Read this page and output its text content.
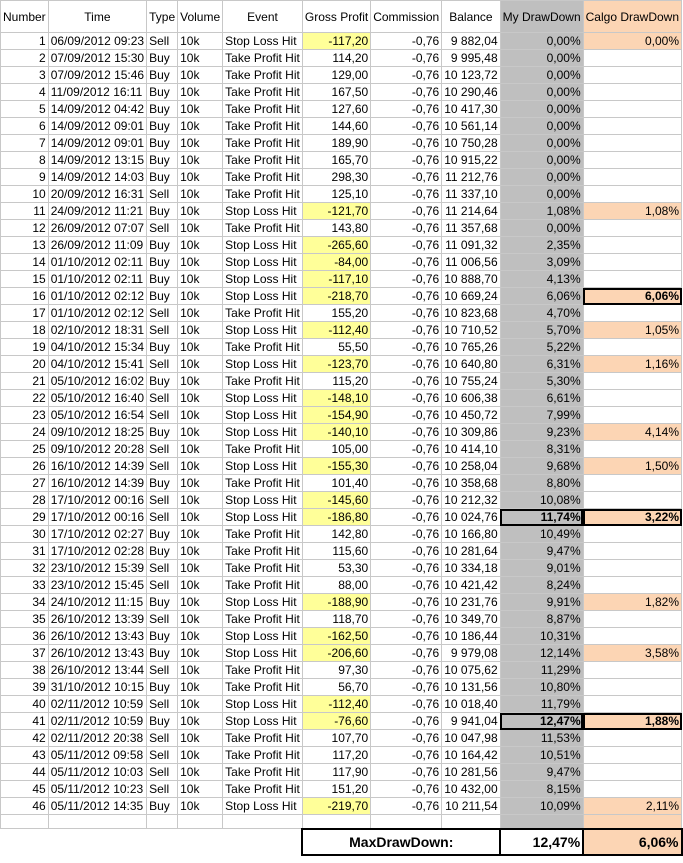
Number	Time	Type	Volume	Event	Gross Profit	Commission	Balance	My DrawDown	Calgo DrawDown
1	06/09/2012 09:23	Sell	10k	Stop Loss Hit	-117,20	-0,76	9 882,04	0,00%	0,00%
2	07/09/2012 15:30	Buy	10k	Take Profit Hit	114,20	-0,76	9 995,48	0,00%	
3	07/09/2012 15:46	Buy	10k	Take Profit Hit	129,00	-0,76	10 123,72	0,00%	
4	11/09/2012 16:11	Buy	10k	Take Profit Hit	167,50	-0,76	10 290,46	0,00%	
5	14/09/2012 04:42	Buy	10k	Take Profit Hit	127,60	-0,76	10 417,30	0,00%	
6	14/09/2012 09:01	Buy	10k	Take Profit Hit	144,60	-0,76	10 561,14	0,00%	
7	14/09/2012 09:01	Buy	10k	Take Profit Hit	189,90	-0,76	10 750,28	0,00%	
8	14/09/2012 13:15	Buy	10k	Take Profit Hit	165,70	-0,76	10 915,22	0,00%	
9	14/09/2012 14:03	Buy	10k	Take Profit Hit	298,30	-0,76	11 212,76	0,00%	
10	20/09/2012 16:31	Sell	10k	Take Profit Hit	125,10	-0,76	11 337,10	0,00%	
11	24/09/2012 11:21	Buy	10k	Stop Loss Hit	-121,70	-0,76	11 214,64	1,08%	1,08%
12	26/09/2012 07:07	Sell	10k	Take Profit Hit	143,80	-0,76	11 357,68	0,00%	
13	26/09/2012 11:09	Buy	10k	Stop Loss Hit	-265,60	-0,76	11 091,32	2,35%	
14	01/10/2012 02:11	Buy	10k	Stop Loss Hit	-84,00	-0,76	11 006,56	3,09%	
15	01/10/2012 02:11	Buy	10k	Stop Loss Hit	-117,10	-0,76	10 888,70	4,13%	
16	01/10/2012 02:12	Buy	10k	Stop Loss Hit	-218,70	-0,76	10 669,24	6,06%	6,06%
17	01/10/2012 02:12	Sell	10k	Take Profit Hit	155,20	-0,76	10 823,68	4,70%	
18	02/10/2012 18:31	Sell	10k	Stop Loss Hit	-112,40	-0,76	10 710,52	5,70%	1,05%
19	04/10/2012 15:34	Buy	10k	Take Profit Hit	55,50	-0,76	10 765,26	5,22%	
20	04/10/2012 15:41	Sell	10k	Stop Loss Hit	-123,70	-0,76	10 640,80	6,31%	1,16%
21	05/10/2012 16:02	Buy	10k	Take Profit Hit	115,20	-0,76	10 755,24	5,30%	
22	05/10/2012 16:40	Sell	10k	Stop Loss Hit	-148,10	-0,76	10 606,38	6,61%	
23	05/10/2012 16:54	Sell	10k	Stop Loss Hit	-154,90	-0,76	10 450,72	7,99%	
24	09/10/2012 18:25	Buy	10k	Stop Loss Hit	-140,10	-0,76	10 309,86	9,23%	4,14%
25	09/10/2012 20:28	Sell	10k	Take Profit Hit	105,00	-0,76	10 414,10	8,31%	
26	16/10/2012 14:39	Sell	10k	Stop Loss Hit	-155,30	-0,76	10 258,04	9,68%	1,50%
27	16/10/2012 14:39	Buy	10k	Take Profit Hit	101,40	-0,76	10 358,68	8,80%	
28	17/10/2012 00:16	Sell	10k	Stop Loss Hit	-145,60	-0,76	10 212,32	10,08%	
29	17/10/2012 00:16	Sell	10k	Stop Loss Hit	-186,80	-0,76	10 024,76	11,74%	3,22%
30	17/10/2012 02:27	Buy	10k	Take Profit Hit	142,80	-0,76	10 166,80	10,49%	
31	17/10/2012 02:28	Buy	10k	Take Profit Hit	115,60	-0,76	10 281,64	9,47%	
32	23/10/2012 15:39	Sell	10k	Take Profit Hit	53,30	-0,76	10 334,18	9,01%	
33	23/10/2012 15:45	Sell	10k	Take Profit Hit	88,00	-0,76	10 421,42	8,24%	
34	24/10/2012 11:15	Buy	10k	Stop Loss Hit	-188,90	-0,76	10 231,76	9,91%	1,82%
35	26/10/2012 13:39	Sell	10k	Take Profit Hit	118,70	-0,76	10 349,70	8,87%	
36	26/10/2012 13:43	Buy	10k	Stop Loss Hit	-162,50	-0,76	10 186,44	10,31%	
37	26/10/2012 13:43	Buy	10k	Stop Loss Hit	-206,60	-0,76	9 979,08	12,14%	3,58%
38	26/10/2012 13:44	Sell	10k	Take Profit Hit	97,30	-0,76	10 075,62	11,29%	
39	31/10/2012 10:15	Buy	10k	Take Profit Hit	56,70	-0,76	10 131,56	10,80%	
40	02/11/2012 10:59	Sell	10k	Stop Loss Hit	-112,40	-0,76	10 018,40	11,79%	
41	02/11/2012 10:59	Buy	10k	Stop Loss Hit	-76,60	-0,76	9 941,04	12,47%	1,88%
42	02/11/2012 20:38	Sell	10k	Take Profit Hit	107,70	-0,76	10 047,98	11,53%	
43	05/11/2012 09:58	Sell	10k	Take Profit Hit	117,20	-0,76	10 164,42	10,51%	
44	05/11/2012 10:03	Sell	10k	Take Profit Hit	117,90	-0,76	10 281,56	9,47%	
45	05/11/2012 10:23	Sell	10k	Take Profit Hit	151,20	-0,76	10 432,00	8,15%	
46	05/11/2012 14:35	Buy	10k	Stop Loss Hit	-219,70	-0,76	10 211,54	10,09%	2,11%

					MaxDrawDown:			12,47%	6,06%
